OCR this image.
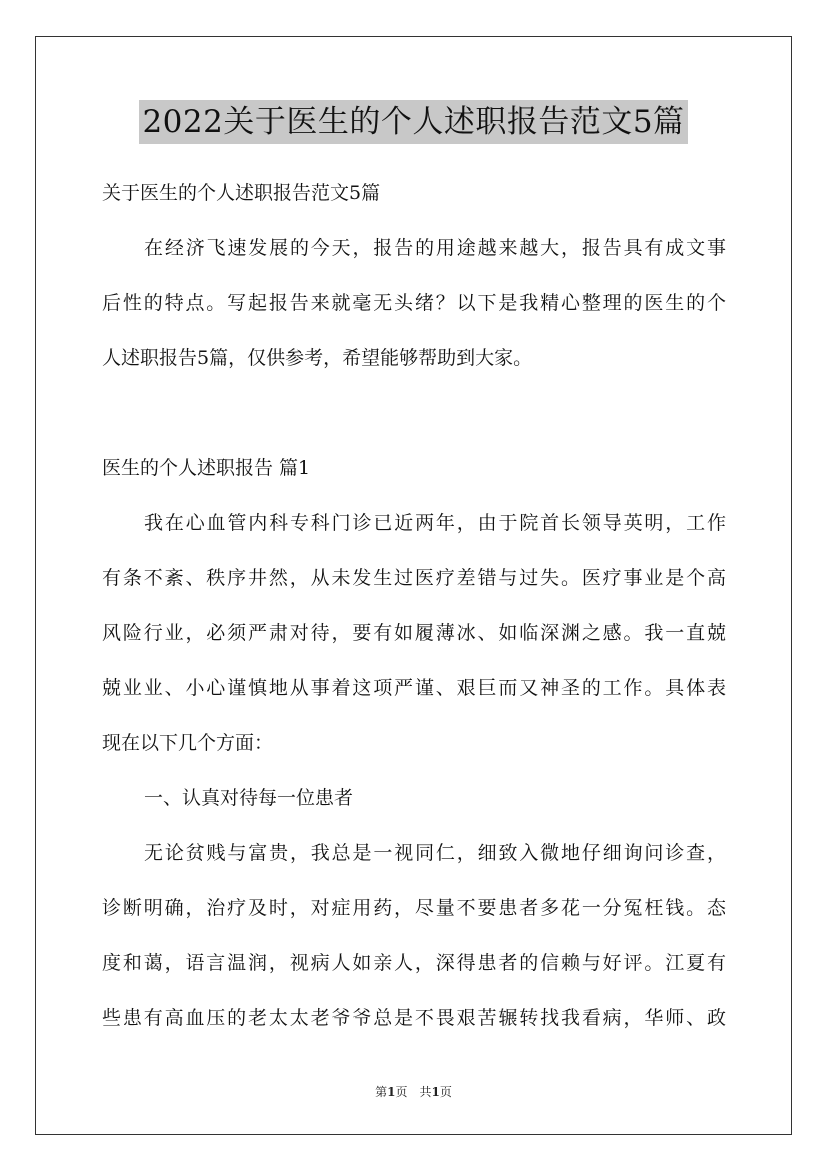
2022关于医生的个人述职报告范文5篇
关于医生的个人述职报告范文5篇
在经济飞速发展的今天，报告的用途越来越大，报告具有成文事
后性的特点。写起报告来就毫无头绪？以下是我精心整理的医生的个
人述职报告5篇，仅供参考，希望能够帮助到大家。
医生的个人述职报告 篇1
我在心血管内科专科门诊已近两年，由于院首长领导英明，工作
有条不紊、秩序井然，从未发生过医疗差错与过失。医疗事业是个高
风险行业，必须严肃对待，要有如履薄冰、如临深渊之感。我一直兢
兢业业、小心谨慎地从事着这项严谨、艰巨而又神圣的工作。具体表
现在以下几个方面：
一、认真对待每一位患者
无论贫贱与富贵，我总是一视同仁，细致入微地仔细询问诊查，
诊断明确，治疗及时，对症用药，尽量不要患者多花一分冤枉钱。态
度和蔼，语言温润，视病人如亲人，深得患者的信赖与好评。江夏有
些患有高血压的老太太老爷爷总是不畏艰苦辗转找我看病，华师、政
第1页　共1页
